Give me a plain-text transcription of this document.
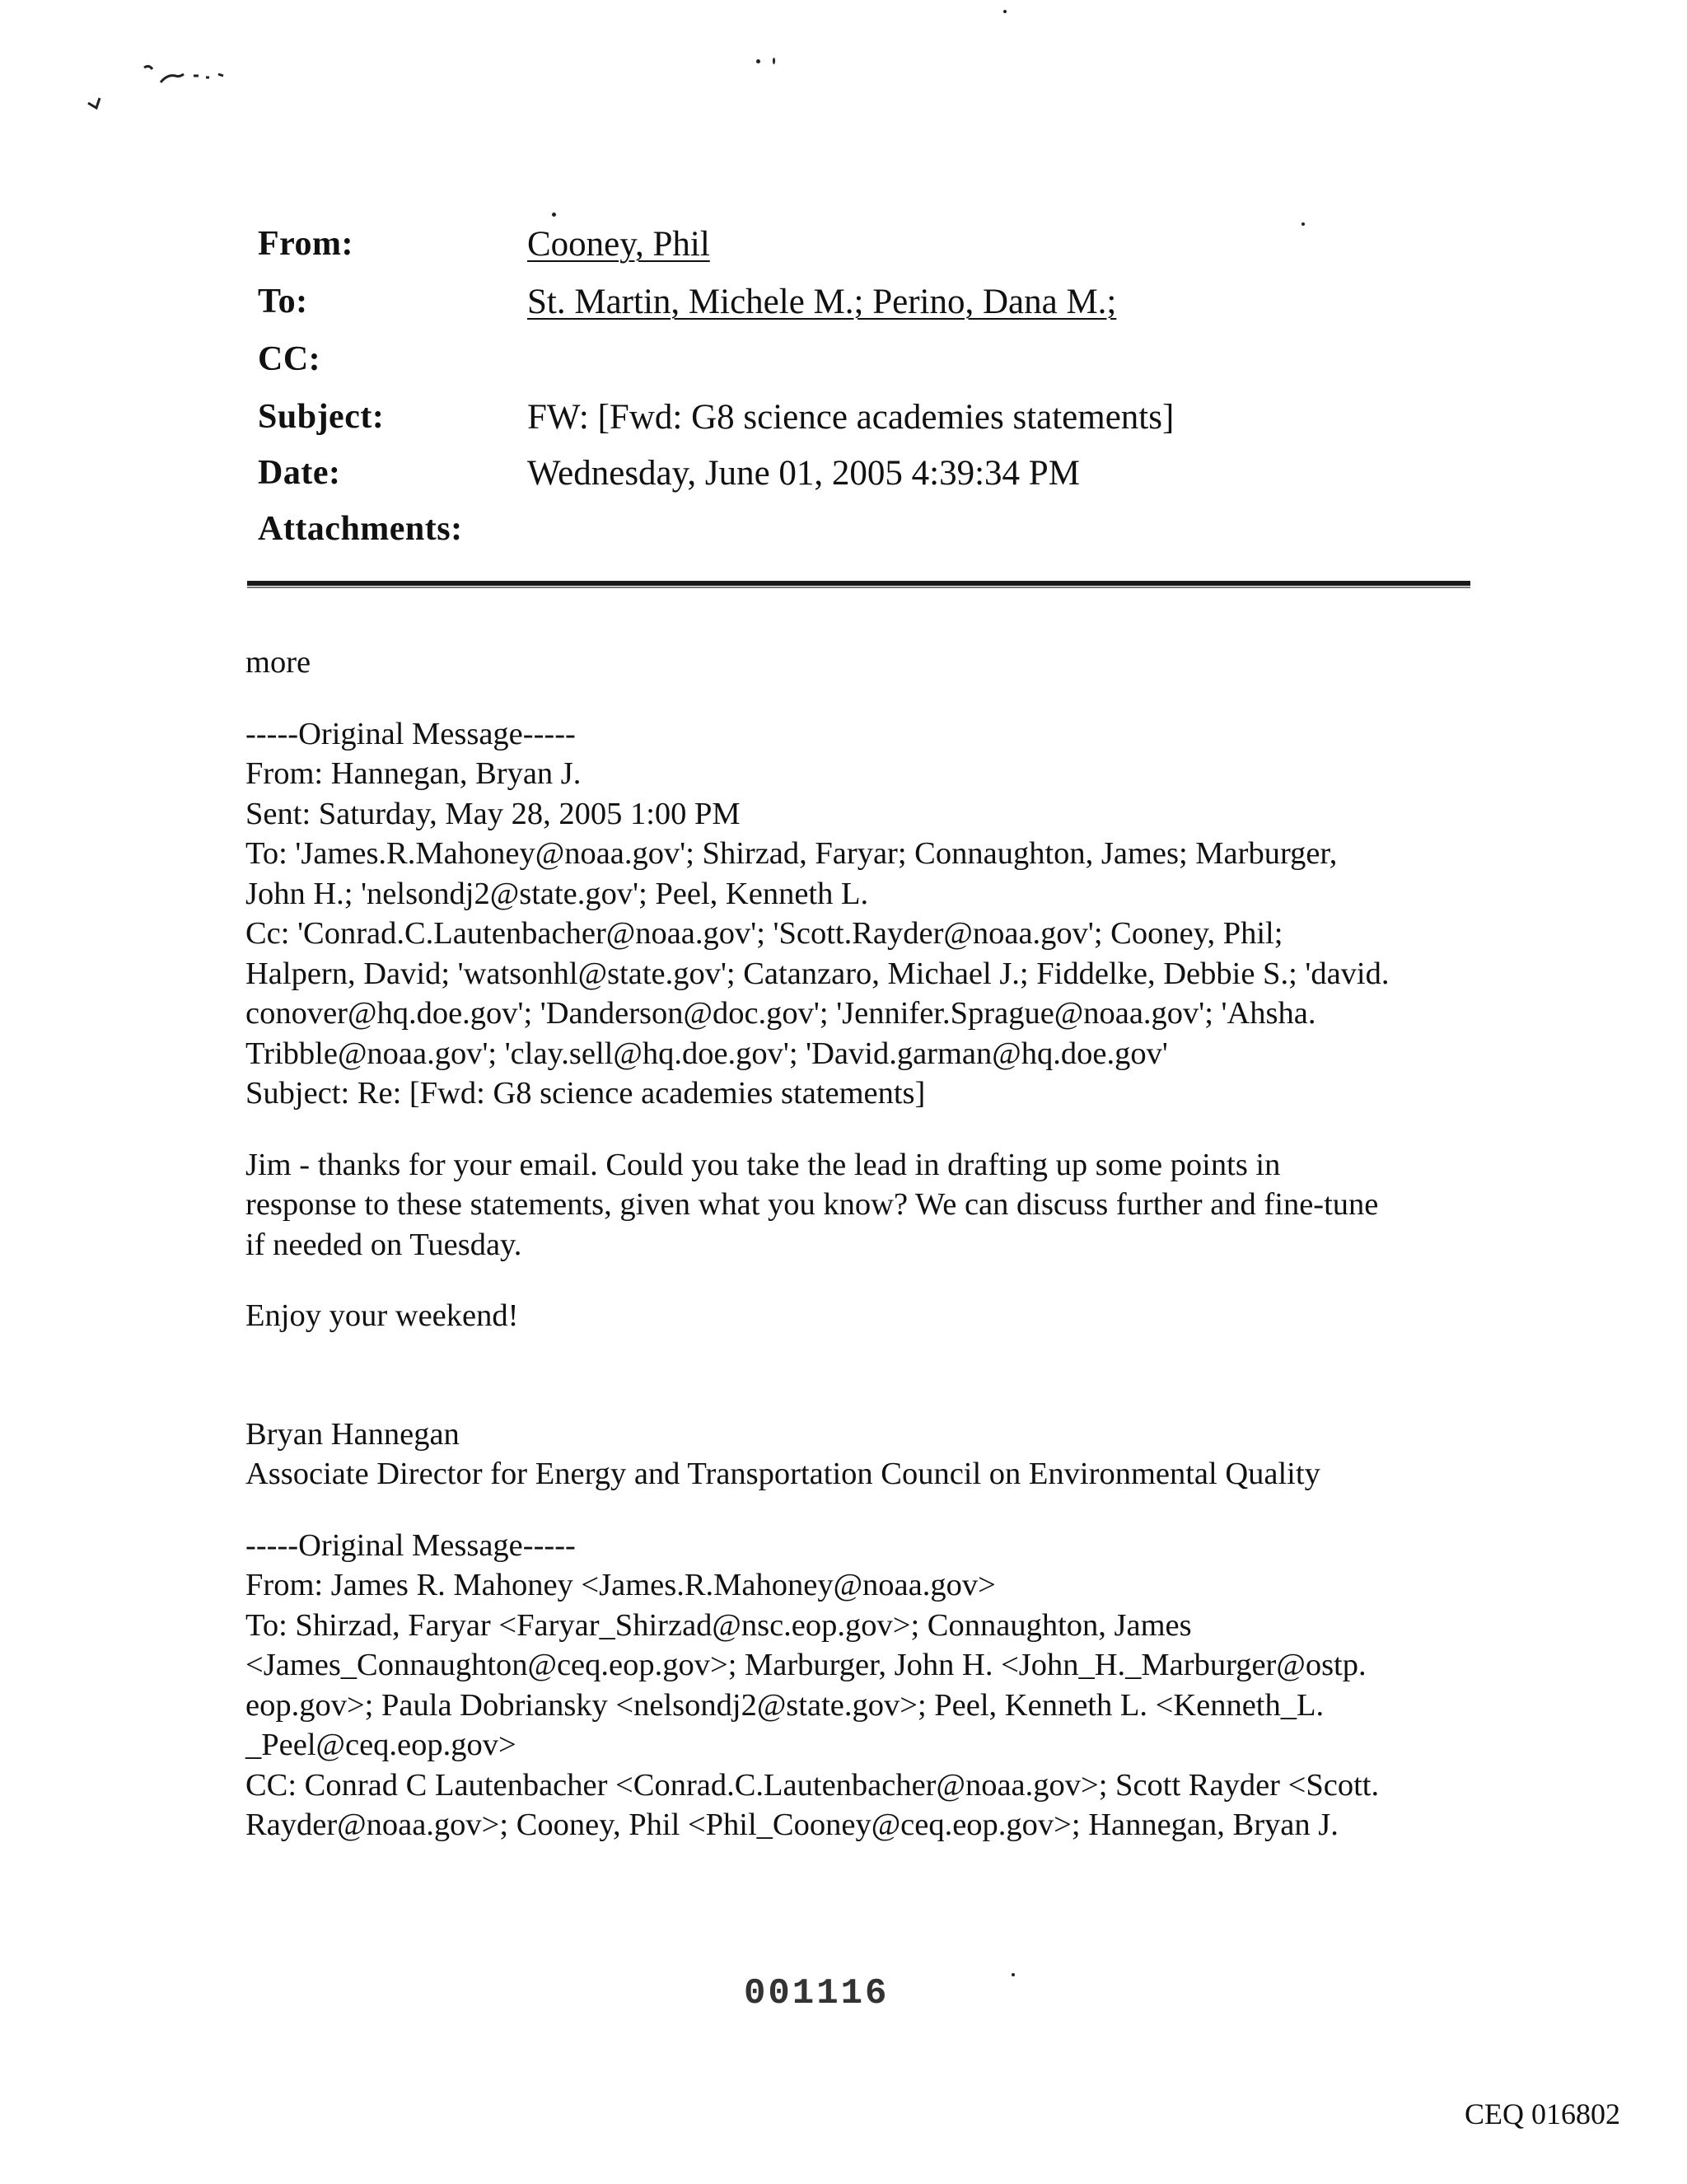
From:	Cooney, Phil
To:	St. Martin, Michele M.; Perino, Dana M.;
CC:
Subject:	FW: [Fwd: G8 science academies statements]
Date:	Wednesday, June 01, 2005 4:39:34 PM
Attachments:
more
-----Original Message-----
From: Hannegan, Bryan J.
Sent: Saturday, May 28, 2005 1:00 PM
To: 'James.R.Mahoney@noaa.gov'; Shirzad, Faryar; Connaughton, James; Marburger,
John H.; 'nelsondj2@state.gov'; Peel, Kenneth L.
Cc: 'Conrad.C.Lautenbacher@noaa.gov'; 'Scott.Rayder@noaa.gov'; Cooney, Phil;
Halpern, David; 'watsonhl@state.gov'; Catanzaro, Michael J.; Fiddelke, Debbie S.; 'david.
conover@hq.doe.gov'; 'Danderson@doc.gov'; 'Jennifer.Sprague@noaa.gov'; 'Ahsha.
Tribble@noaa.gov'; 'clay.sell@hq.doe.gov'; 'David.garman@hq.doe.gov'
Subject: Re: [Fwd: G8 science academies statements]
Jim - thanks for your email. Could you take the lead in drafting up some points in
response to these statements, given what you know? We can discuss further and fine-tune
if needed on Tuesday.
Enjoy your weekend!
Bryan Hannegan
Associate Director for Energy and Transportation Council on Environmental Quality
-----Original Message-----
From: James R. Mahoney <James.R.Mahoney@noaa.gov>
To: Shirzad, Faryar <Faryar_Shirzad@nsc.eop.gov>; Connaughton, James
<James_Connaughton@ceq.eop.gov>; Marburger, John H. <John_H._Marburger@ostp.
eop.gov>; Paula Dobriansky <nelsondj2@state.gov>; Peel, Kenneth L. <Kenneth_L.
_Peel@ceq.eop.gov>
CC: Conrad C Lautenbacher <Conrad.C.Lautenbacher@noaa.gov>; Scott Rayder <Scott.
Rayder@noaa.gov>; Cooney, Phil <Phil_Cooney@ceq.eop.gov>; Hannegan, Bryan J.
001116
CEQ 016802
